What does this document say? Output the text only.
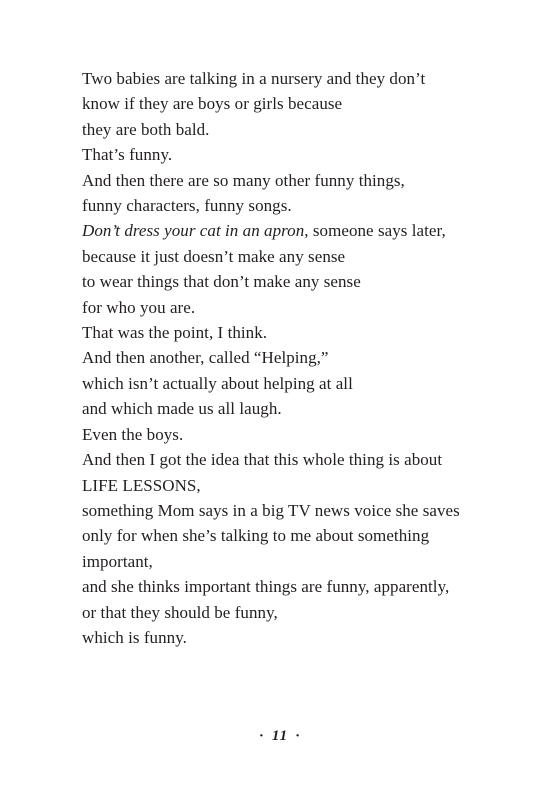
Two babies are talking in a nursery and they don’t
know if they are boys or girls because
they are both bald.
That’s funny.
And then there are so many other funny things,
funny characters, funny songs.
Don’t dress your cat in an apron, someone says later,
because it just doesn’t make any sense
to wear things that don’t make any sense
for who you are.
That was the point, I think.
And then another, called “Helping,”
which isn’t actually about helping at all
and which made us all laugh.
Even the boys.
And then I got the idea that this whole thing is about
LIFE LESSONS,
something Mom says in a big TV news voice she saves
only for when she’s talking to me about something
important,
and she thinks important things are funny, apparently,
or that they should be funny,
which is funny.
· 11 ·
